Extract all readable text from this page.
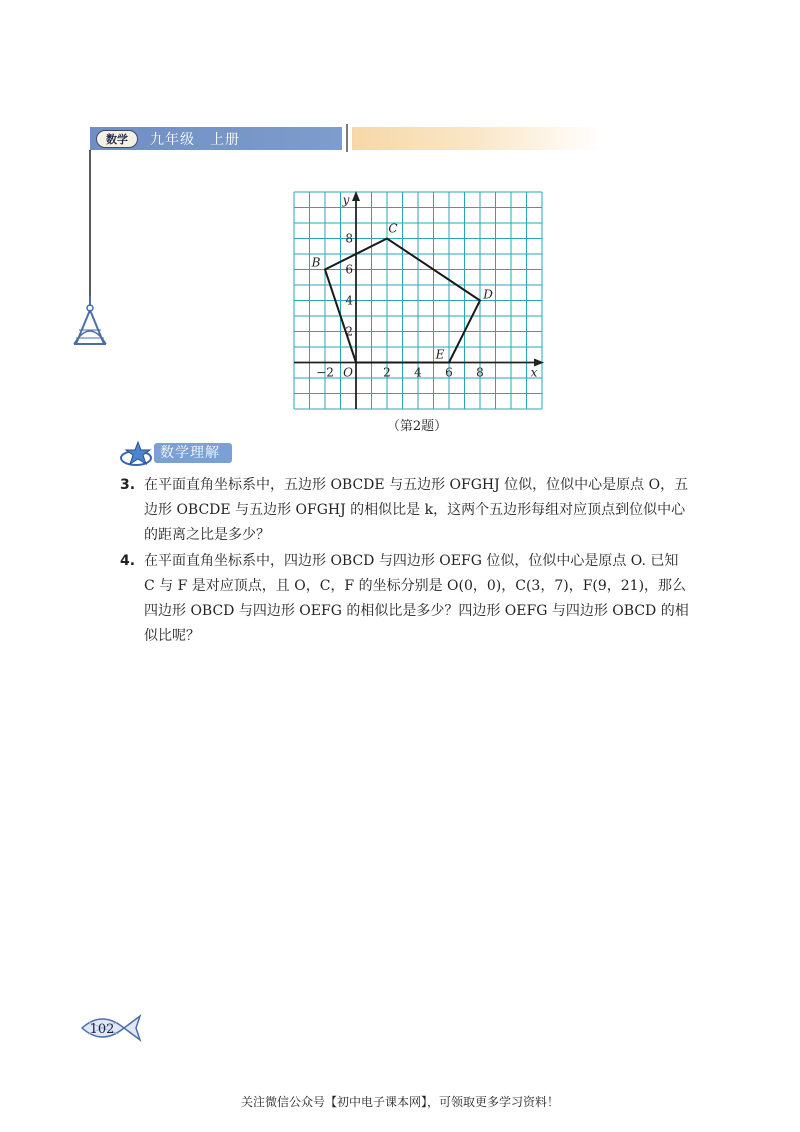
数学	九年级　上册
−2	2 4 6 8
2
4
6
8
O	x
y
B
C
D
E
（第2题）
数学理解
3. 在平面直角坐标系中，五边形 OBCDE 与五边形 OFGHJ 位似，位似中心是原点 O，五边形 OBCDE 与五边形 OFGHJ 的相似比是 k，这两个五边形每组对应顶点到位似中心的距离之比是多少？
4. 在平面直角坐标系中，四边形 OBCD 与四边形 OEFG 位似，位似中心是原点 O. 已知 C 与 F 是对应顶点，且 O，C，F 的坐标分别是 O(0，0)，C(3，7)，F(9，21)，那么四边形 OBCD 与四边形 OEFG 的相似比是多少？四边形 OEFG 与四边形 OBCD 的相似比呢？
102
关注微信公众号【初中电子课本网】，可领取更多学习资料！
